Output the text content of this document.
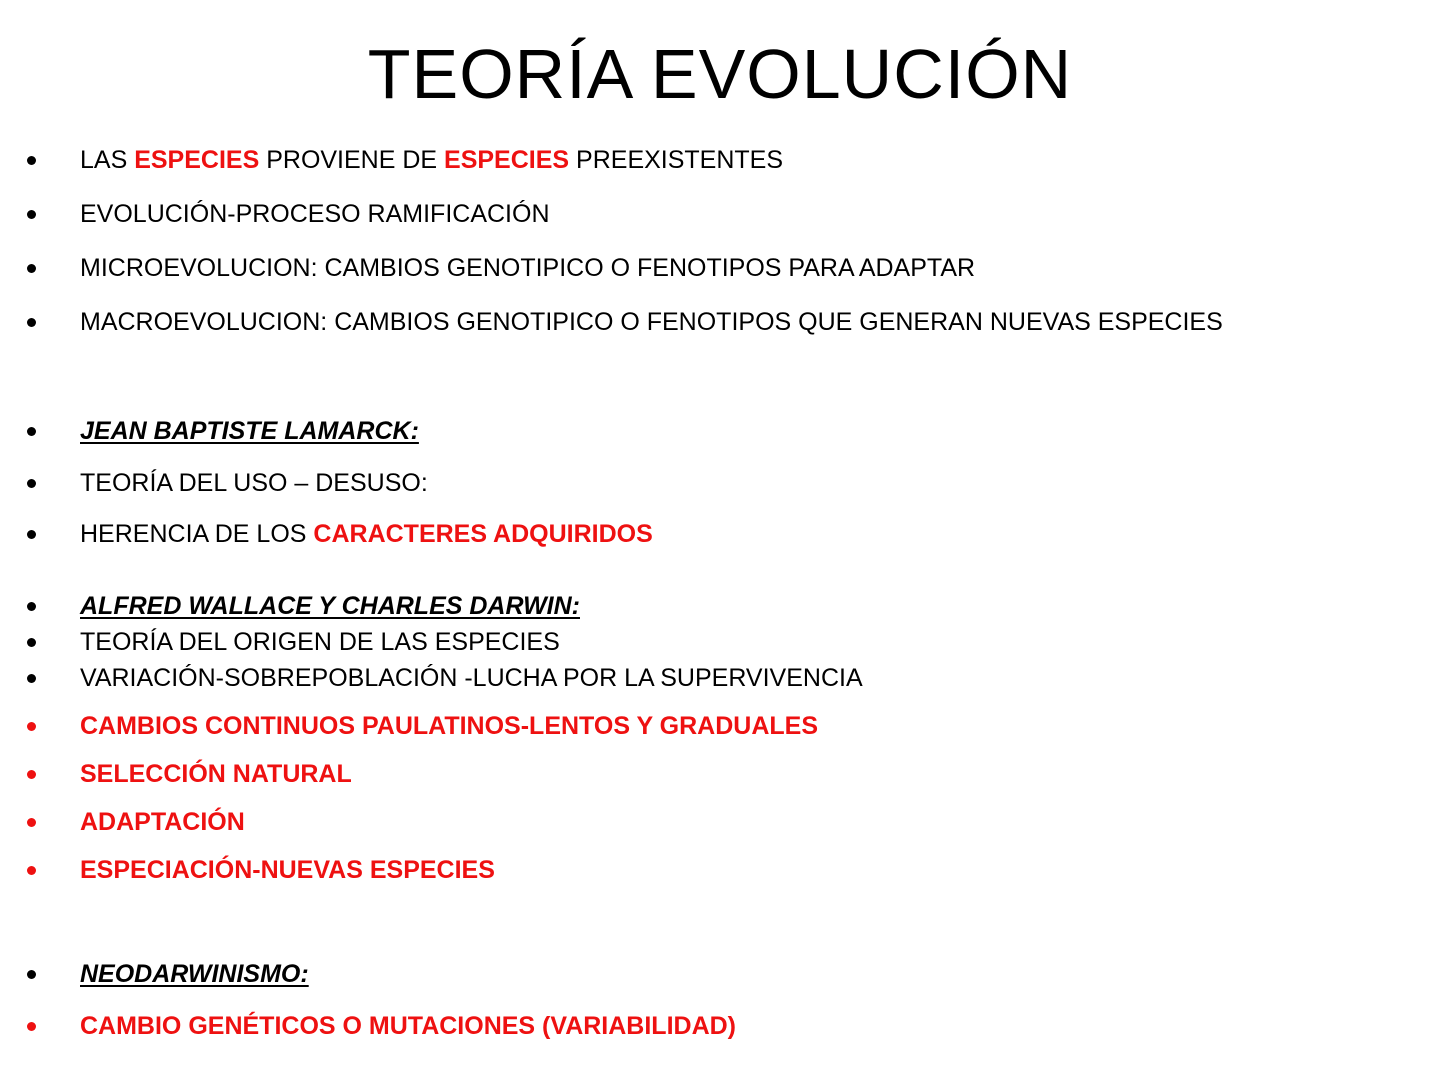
TEORÍA EVOLUCIÓN
LAS ESPECIES PROVIENE DE ESPECIES PREEXISTENTES
EVOLUCIÓN-PROCESO RAMIFICACIÓN
MICROEVOLUCION: CAMBIOS GENOTIPICO O FENOTIPOS PARA ADAPTAR
MACROEVOLUCION: CAMBIOS GENOTIPICO O FENOTIPOS QUE GENERAN NUEVAS ESPECIES
JEAN BAPTISTE LAMARCK:
TEORÍA DEL USO – DESUSO:
HERENCIA DE LOS CARACTERES ADQUIRIDOS
ALFRED WALLACE Y CHARLES DARWIN:
TEORÍA DEL ORIGEN DE LAS ESPECIES
VARIACIÓN-SOBREPOBLACIÓN -LUCHA POR LA SUPERVIVENCIA
CAMBIOS CONTINUOS PAULATINOS-LENTOS Y GRADUALES
SELECCIÓN NATURAL
ADAPTACIÓN
ESPECIACIÓN-NUEVAS ESPECIES
NEODARWINISMO:
CAMBIO GENÉTICOS O MUTACIONES (VARIABILIDAD)
